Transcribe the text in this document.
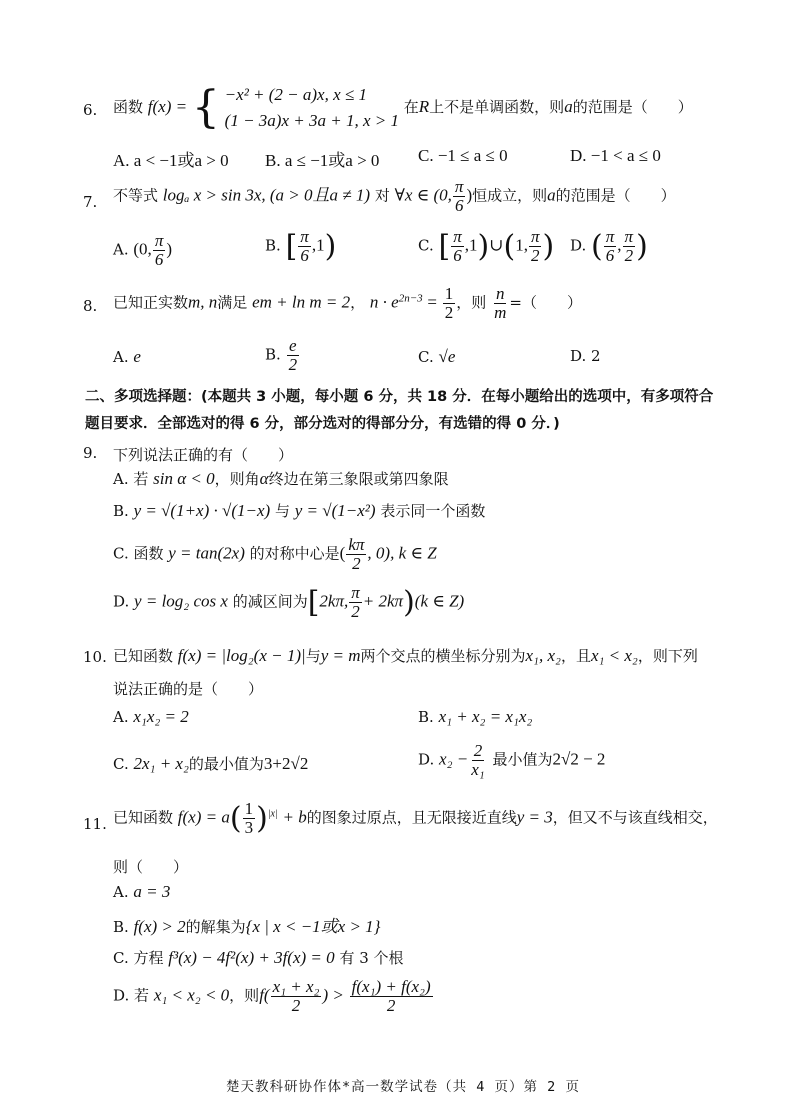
6. 函数 f(x) = { −x² + (2 − a)x, x ≤ 1
(1 − 3a)x + 3a + 1, x > 1
在R上不是单调函数，则a的范围是（　　）
A. a < −1或a > 0 B. a ≤ −1或a > 0 C. −1 ≤ a ≤ 0	D. −1 < a ≤ 0
7. 不等式 logₐ x > sin 3x, (a > 0且a ≠ 1) 对 ∀x ∈ (0, $\frac{\pi}{6}$ )恒成立，则a的范围是（　　）
A. (0, $\frac{\pi}{6}$ )	B. [ $\frac{\pi}{6} ,1$)	C. [ $\frac{\pi}{6}$ ,1)∪(1, $\frac{\pi}{2}$ ) D. ( $\frac{\pi}{6}$ , $\frac{\pi}{2}$ )
8. 已知正实数m, n满足 em + ln m = 2， $n \cdot e^{2n-3} = \frac{1}{2}$ ，则 $\frac{n}{m}$ =（　　）
A. e	B. $\frac{e}{2}$	C. √e	D. 2
二、多项选择题：(本题共 3 小题，每小题 6 分，共 18 分．在每小题给出的选项中，有多项符合题目要求．全部选对的得 6 分，部分选对的得部分分，有选错的得 0 分．)
9. 下列说法正确的有（　　）
A. 若 sin α < 0，则角α终边在第三象限或第四象限
B. y = √(1+x) · √(1−x) 与 y = √(1−x²) 表示同一个函数
C. 函数 y = tan(2x) 的对称中心是( $\frac{k\pi}{2}$ , 0), k ∈ Z
D. y = log₂ cos x 的减区间为[2kπ, $\frac{\pi}{2} + 2k\pi)(k$ ∈ Z)
10. 已知函数 f(x) = |log₂(x − 1)|与y = m两个交点的横坐标分别为x₁, x₂，且x₁ < x₂，则下列
说法正确的是（　　）
A. x₁x₂ = 2	B. x₁ + x₂ = x₁x₂
C. 2x₁ + x₂的最小值为3+2√2	D. $x_2 - \frac{2}{\text{x₁}}$ 最小值为2√2 − 2
11. 已知函数 $f(x) = a( \frac{1}{3} )^{|x|} + b$的图象过原点，且无限接近直线y = 3，但又不与该直线相交，
则（　　）
A. a = 3
B. f(x) > 2的解集为{x | x < −1或x > 1}
C. 方程 f³(x) − 4f²(x) + 3f(x) = 0 有 3 个根
D. 若 x₁ < x₂ < 0，则$f( \frac{\text{x₁ + x₂}}{2}$ ) > $\frac{\text{f(x₁) + f(x₂)}}{2}$
楚天教科研协作体*高一数学试卷（共 4 页）第 2 页
